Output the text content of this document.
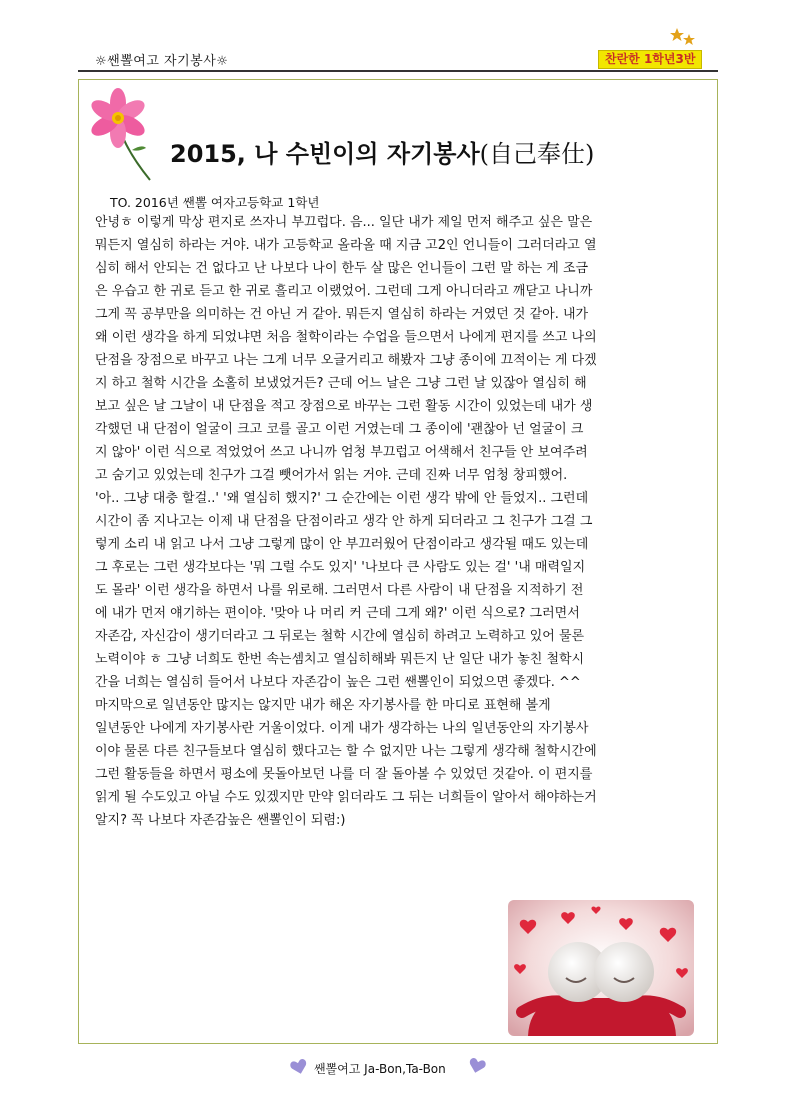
☼쌘뽈여고 자기봉사☼	찬란한 1학년3반
2015, 나 수빈이의 자기봉사(自己奉仕)
TO. 2016년 쌘뽈 여자고등학교 1학년
안녕ㅎ 이렇게 막상 편지로 쓰자니 부끄럽다. 음... 일단 내가 제일 먼저 해주고 싶은 말은
뭐든지 열심히 하라는 거야. 내가 고등학교 올라올 때 지금 고2인 언니들이 그러더라고 열
심히 해서 안되는 건 없다고 난 나보다 나이 한두 살 많은 언니들이 그런 말 하는 게 조금
은 우습고 한 귀로 듣고 한 귀로 흘리고 이랬었어. 그런데 그게 아니더라고 깨닫고 나니까
그게 꼭 공부만을 의미하는 건 아닌 거 같아. 뭐든지 열심히 하라는 거였던 것 같아. 내가
왜 이런 생각을 하게 되었냐면 처음 철학이라는 수업을 들으면서 나에게 편지를 쓰고 나의
단점을 장점으로 바꾸고 나는 그게 너무 오글거리고 해봤자 그냥 종이에 끄적이는 게 다겠
지 하고 철학 시간을 소홀히 보냈었거든? 근데 어느 날은 그냥 그런 날 있잖아 열심히 해
보고 싶은 날 그날이 내 단점을 적고 장점으로 바꾸는 그런 활동 시간이 있었는데 내가 생
각했던 내 단점이 얼굴이 크고 코를 골고 이런 거였는데 그 종이에 '괜찮아 넌 얼굴이 크
지 않아' 이런 식으로 적었었어 쓰고 나니까 엄청 부끄럽고 어색해서 친구들 안 보여주려
고 숨기고 있었는데 친구가 그걸 뺏어가서 읽는 거야. 근데 진짜 너무 엄청 창피했어.
'아.. 그냥 대충 할걸..' '왜 열심히 했지?' 그 순간에는 이런 생각 밖에 안 들었지.. 그런데
시간이 좀 지나고는 이제 내 단점을 단점이라고 생각 안 하게 되더라고 그 친구가 그걸 그
렇게 소리 내 읽고 나서 그냥 그렇게 많이 안 부끄러웠어 단점이라고 생각될 때도 있는데
그 후로는 그런 생각보다는 '뭐 그럴 수도 있지' '나보다 큰 사람도 있는 걸' '내 매력일지
도 몰라' 이런 생각을 하면서 나를 위로해. 그러면서 다른 사람이 내 단점을 지적하기 전
에 내가 먼저 얘기하는 편이야. '맞아 나 머리 커 근데 그게 왜?' 이런 식으로? 그러면서
자존감, 자신감이 생기더라고 그 뒤로는 철학 시간에 열심히 하려고 노력하고 있어 물론
노력이야 ㅎ 그냥 너희도 한번 속는셈치고 열심히해봐 뭐든지 난 일단 내가 놓친 철학시
간을 너희는 열심히 들어서 나보다 자존감이 높은 그런 쌘뽈인이 되었으면 좋겠다. ^^
마지막으로 일년동안 많지는 않지만 내가 해온 자기봉사를 한 마디로 표현해 볼게
일년동안 나에게 자기봉사란 거울이었다. 이게 내가 생각하는 나의 일년동안의 자기봉사
이야 물론 다른 친구들보다 열심히 했다고는 할 수 없지만 나는 그렇게 생각해 철학시간에
그런 활동들을 하면서 평소에 못돌아보던 나를 더 잘 돌아볼 수 있었던 것같아. 이 편지를
읽게 될 수도있고 아닐 수도 있겠지만 만약 읽더라도 그 뒤는 너희들이 알아서 해야하는거
알지? 꼭 나보다 자존감높은 쌘뽈인이 되렴:)
쌘뽈여고 Ja-Bon,Ta-Bon
